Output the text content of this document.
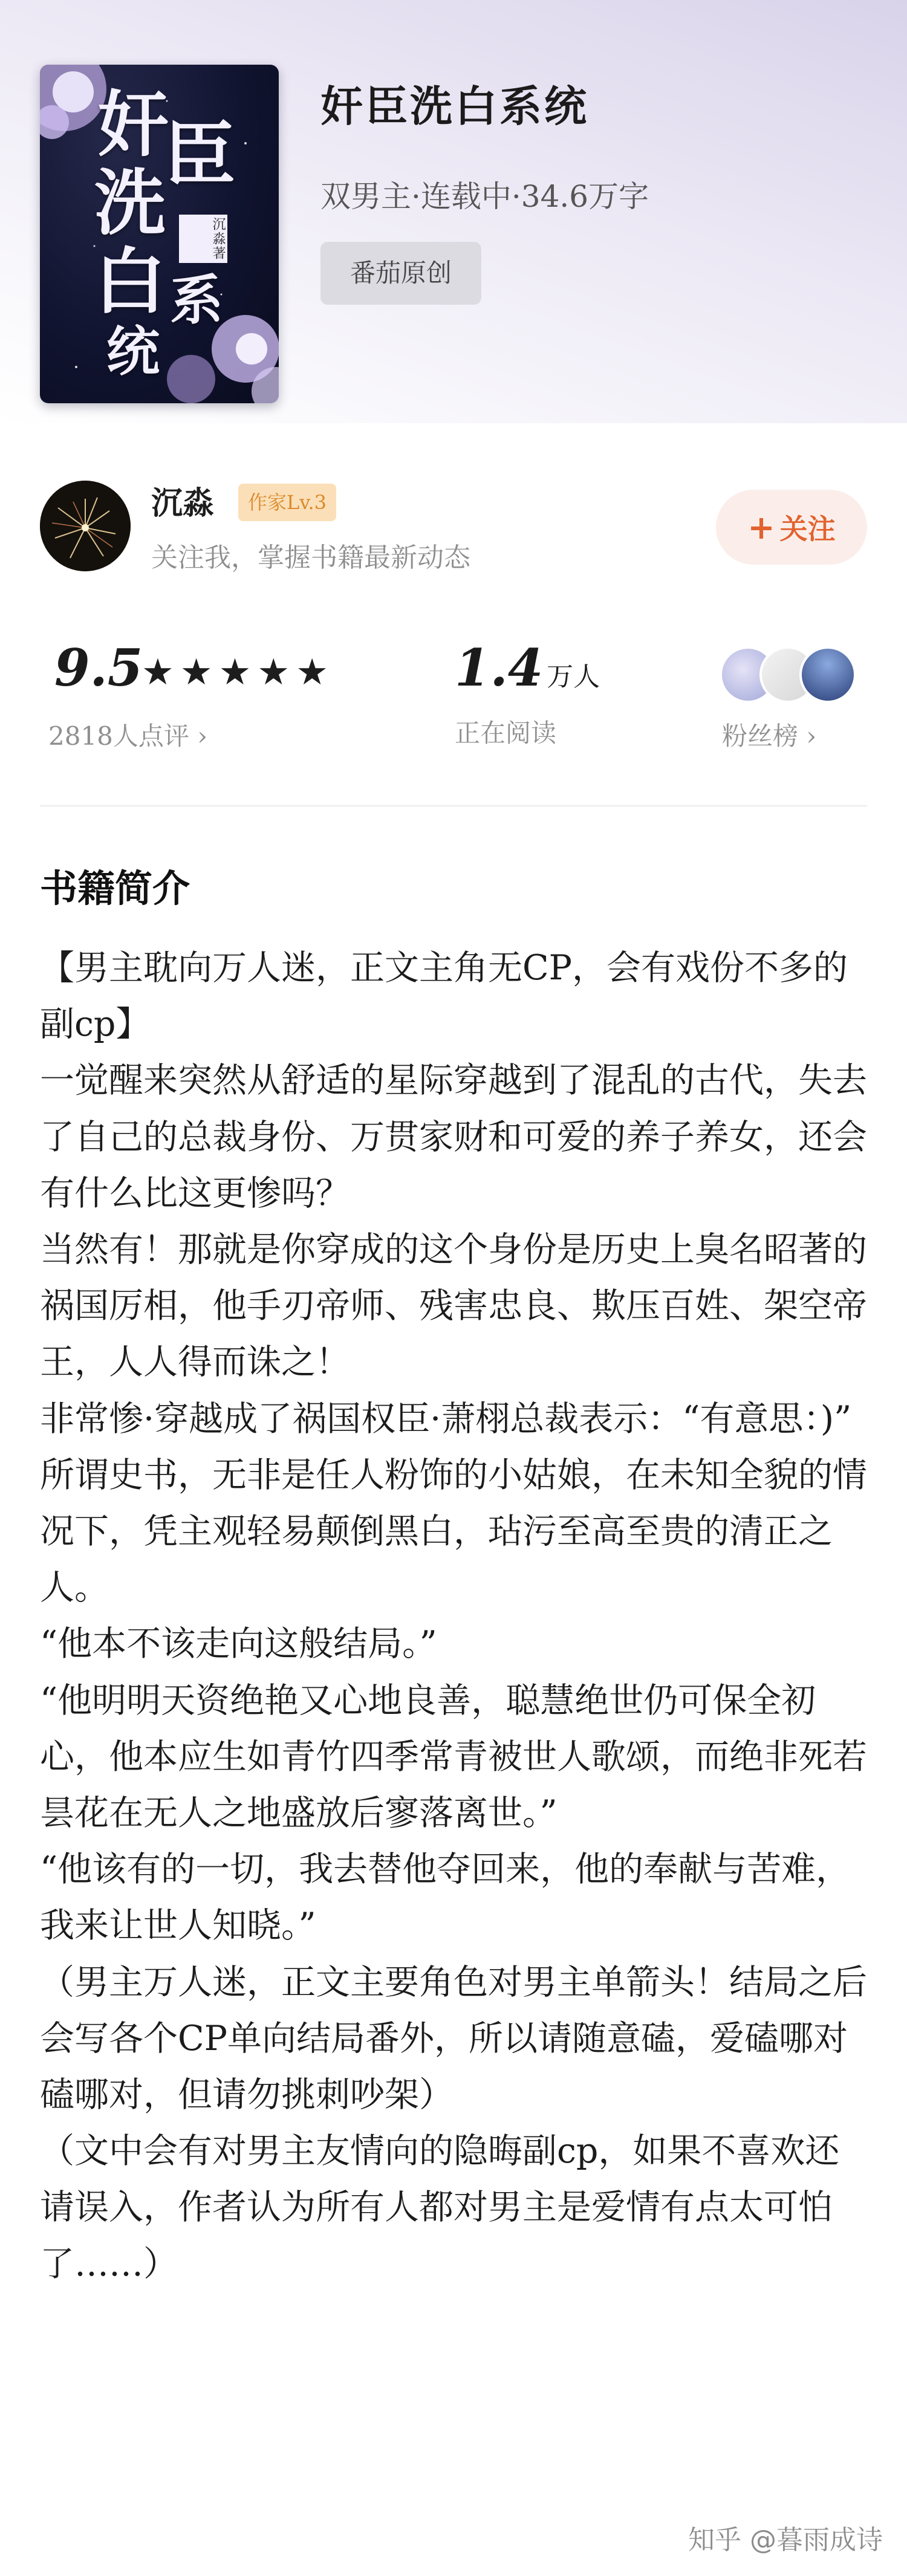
奸
臣
洗
白 系
统
沉淼著
奸臣洗白系统
双男主·连载中·34.6万字
番茄原创
沉淼	作家Lv.3
关注我，掌握书籍最新动态
+ 关注
9.5
★ ★ ★ ★ ★
2818人点评 ›
1.4 万人
正在阅读	粉丝榜 ›
书籍简介

【男主耽向万人迷，正文主角无CP，会有戏份不多的副cp】

一觉醒来突然从舒适的星际穿越到了混乱的古代，失去了自己的总裁身份、万贯家财和可爱的养子养女，还会有什么比这更惨吗？

当然有！那就是你穿成的这个身份是历史上臭名昭著的祸国厉相，他手刃帝师、残害忠良、欺压百姓、架空帝王，人人得而诛之！

非常惨·穿越成了祸国权臣·萧栩总裁表示：“有意思：)”

所谓史书，无非是任人粉饰的小姑娘，在未知全貌的情况下，凭主观轻易颠倒黑白，玷污至高至贵的清正之人。

“他本不该走向这般结局。”

“他明明天资绝艳又心地良善，聪慧绝世仍可保全初心，他本应生如青竹四季常青被世人歌颂，而绝非死若昙花在无人之地盛放后寥落离世。”

“他该有的一切，我去替他夺回来，他的奉献与苦难，我来让世人知晓。”

（男主万人迷，正文主要角色对男主单箭头！结局之后会写各个CP单向结局番外，所以请随意磕，爱磕哪对磕哪对，但请勿挑刺吵架）

（文中会有对男主友情向的隐晦副cp，如果不喜欢还请误入，作者认为所有人都对男主是爱情有点太可怕了……）

知乎 @暮雨成诗
